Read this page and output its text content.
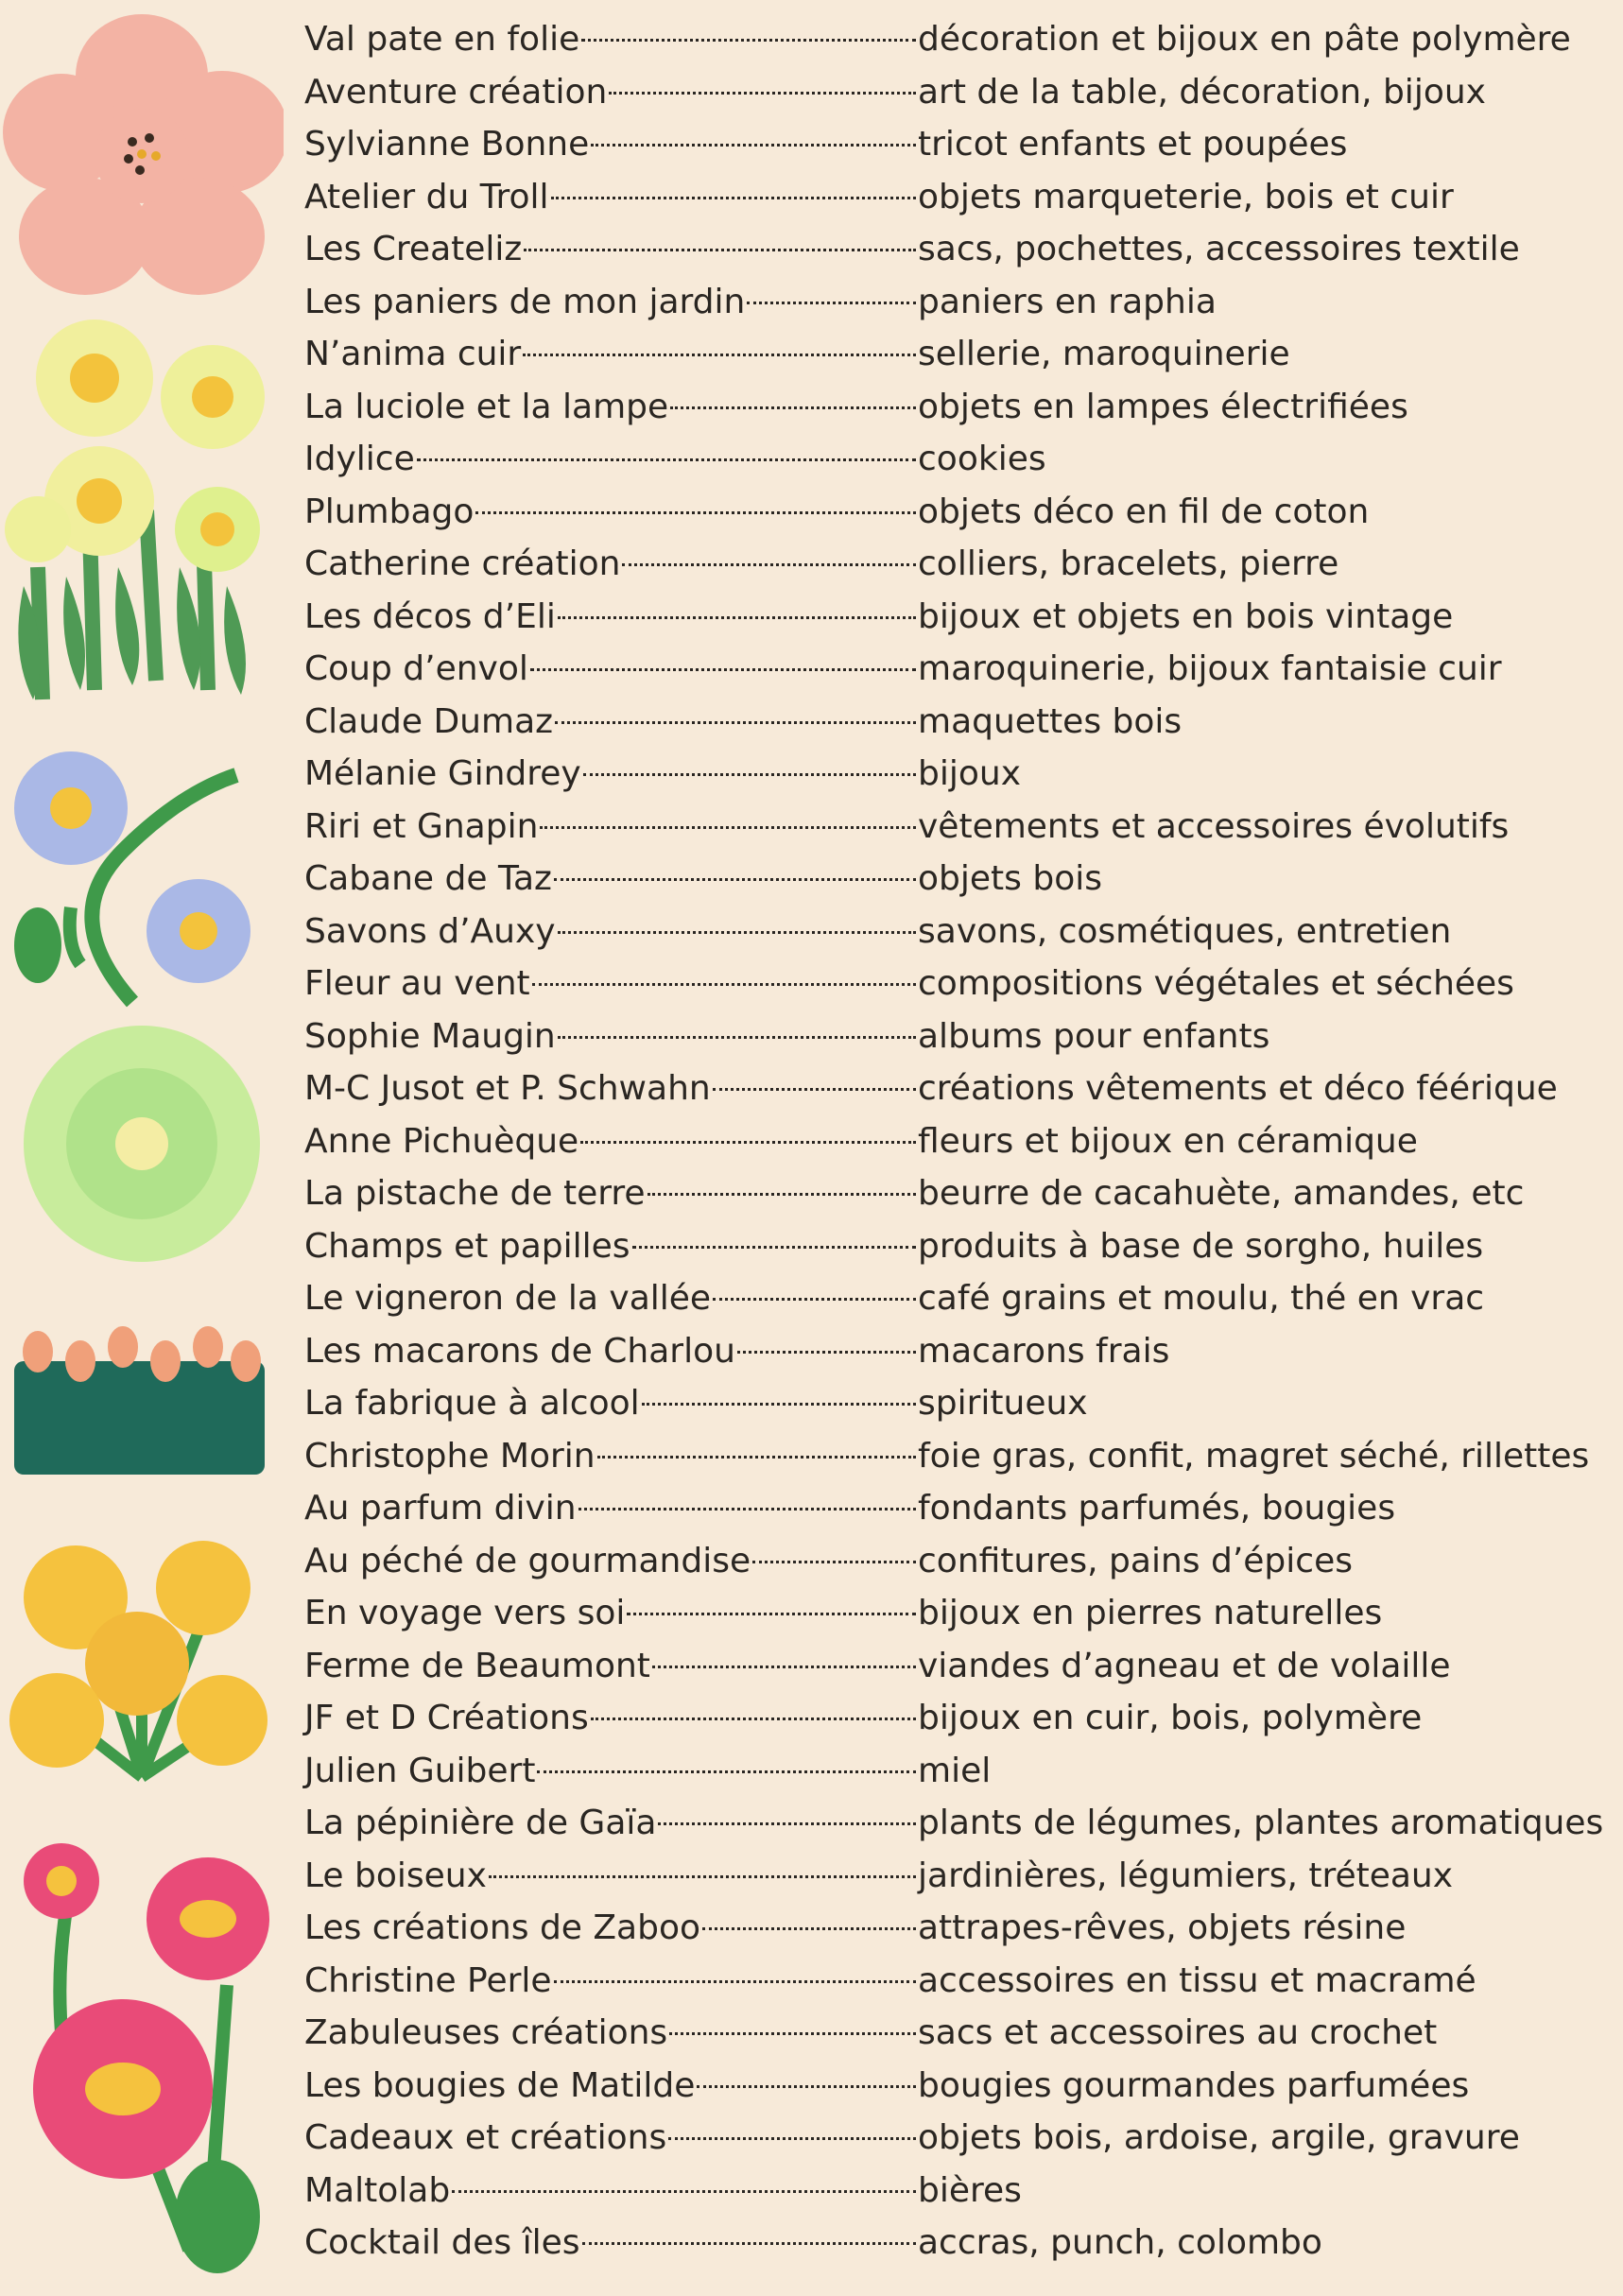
Val pate en folie	décoration et bijoux en pâte polymère
Aventure création	art de la table, décoration, bijoux
Sylvianne Bonne	tricot enfants et poupées
Atelier du Troll	objets marqueterie, bois et cuir
Les Createliz	sacs, pochettes, accessoires textile
Les paniers de mon jardin	paniers en raphia
N’anima cuir	sellerie, maroquinerie
La luciole et la lampe	objets en lampes électrifiées
Idylice	cookies
Plumbago	objets déco en fil de coton
Catherine création	colliers, bracelets, pierre
Les décos d’Eli	bijoux et objets en bois vintage
Coup d’envol	maroquinerie, bijoux fantaisie cuir
Claude Dumaz	maquettes bois
Mélanie Gindrey	bijoux
Riri et Gnapin	vêtements et accessoires évolutifs
Cabane de Taz	objets bois
Savons d’Auxy	savons, cosmétiques, entretien
Fleur au vent	compositions végétales et séchées
Sophie Maugin	albums pour enfants
M-C Jusot et P. Schwahn	créations vêtements et déco féérique
Anne Pichuèque	fleurs et bijoux en céramique
La pistache de terre	beurre de cacahuète, amandes, etc
Champs et papilles	produits à base de sorgho, huiles
Le vigneron de la vallée	café grains et moulu, thé en vrac
Les macarons de Charlou	macarons frais
La fabrique à alcool	spiritueux
Christophe Morin	foie gras, confit, magret séché, rillettes
Au parfum divin	fondants parfumés, bougies
Au péché de gourmandise	confitures, pains d’épices
En voyage vers soi	bijoux en pierres naturelles
Ferme de Beaumont	viandes d’agneau et de volaille
JF et D Créations	bijoux en cuir, bois, polymère
Julien Guibert	miel
La pépinière de Gaïa	plants de légumes, plantes aromatiques
Le boiseux	jardinières, légumiers, tréteaux
Les créations de Zaboo	attrapes-rêves, objets résine
Christine Perle	accessoires en tissu et macramé
Zabuleuses créations	sacs et accessoires au crochet
Les bougies de Matilde	bougies gourmandes parfumées
Cadeaux et créations	objets bois, ardoise, argile, gravure
Maltolab	bières
Cocktail des îles	accras, punch, colombo
